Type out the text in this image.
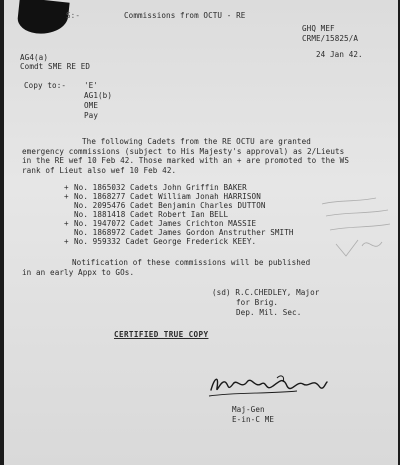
S:-	Commissions from OCTU - RE
GHQ MEF
CRME/15825/A
24 Jan 42.
AG4(a)
Comdt SME RE ED
Copy to:- 'E'
AG1(b)
OME
Pay
The following Cadets from the RE OCTU are granted emergency commissions (subject to His Majesty's approval) as 2/Lieuts in the RE wef 10 Feb 42. Those marked with an + are promoted to the WS rank of Lieut also wef 10 Feb 42.
+ No. 1865032 Cadets John Griffin BAKER
+ No. 1868277 Cadet William Jonah HARRISON
No. 2095476 Cadet Benjamin Charles DUTTON
No. 1881418 Cadet Robert Ian BELL
+ No. 1947072 Cadet James Crichton MASSIE
No. 1868972 Cadet James Gordon Anstruther SMITH
+ No. 959332 Cadet George Frederick KEEY.
Notification of these commissions will be published in an early Appx to GOs.
(sd) R.C.CHEDLEY, Major
for Brig.
Dep. Mil. Sec.
CERTIFIED TRUE COPY
Maj-Gen
E-in-C ME
